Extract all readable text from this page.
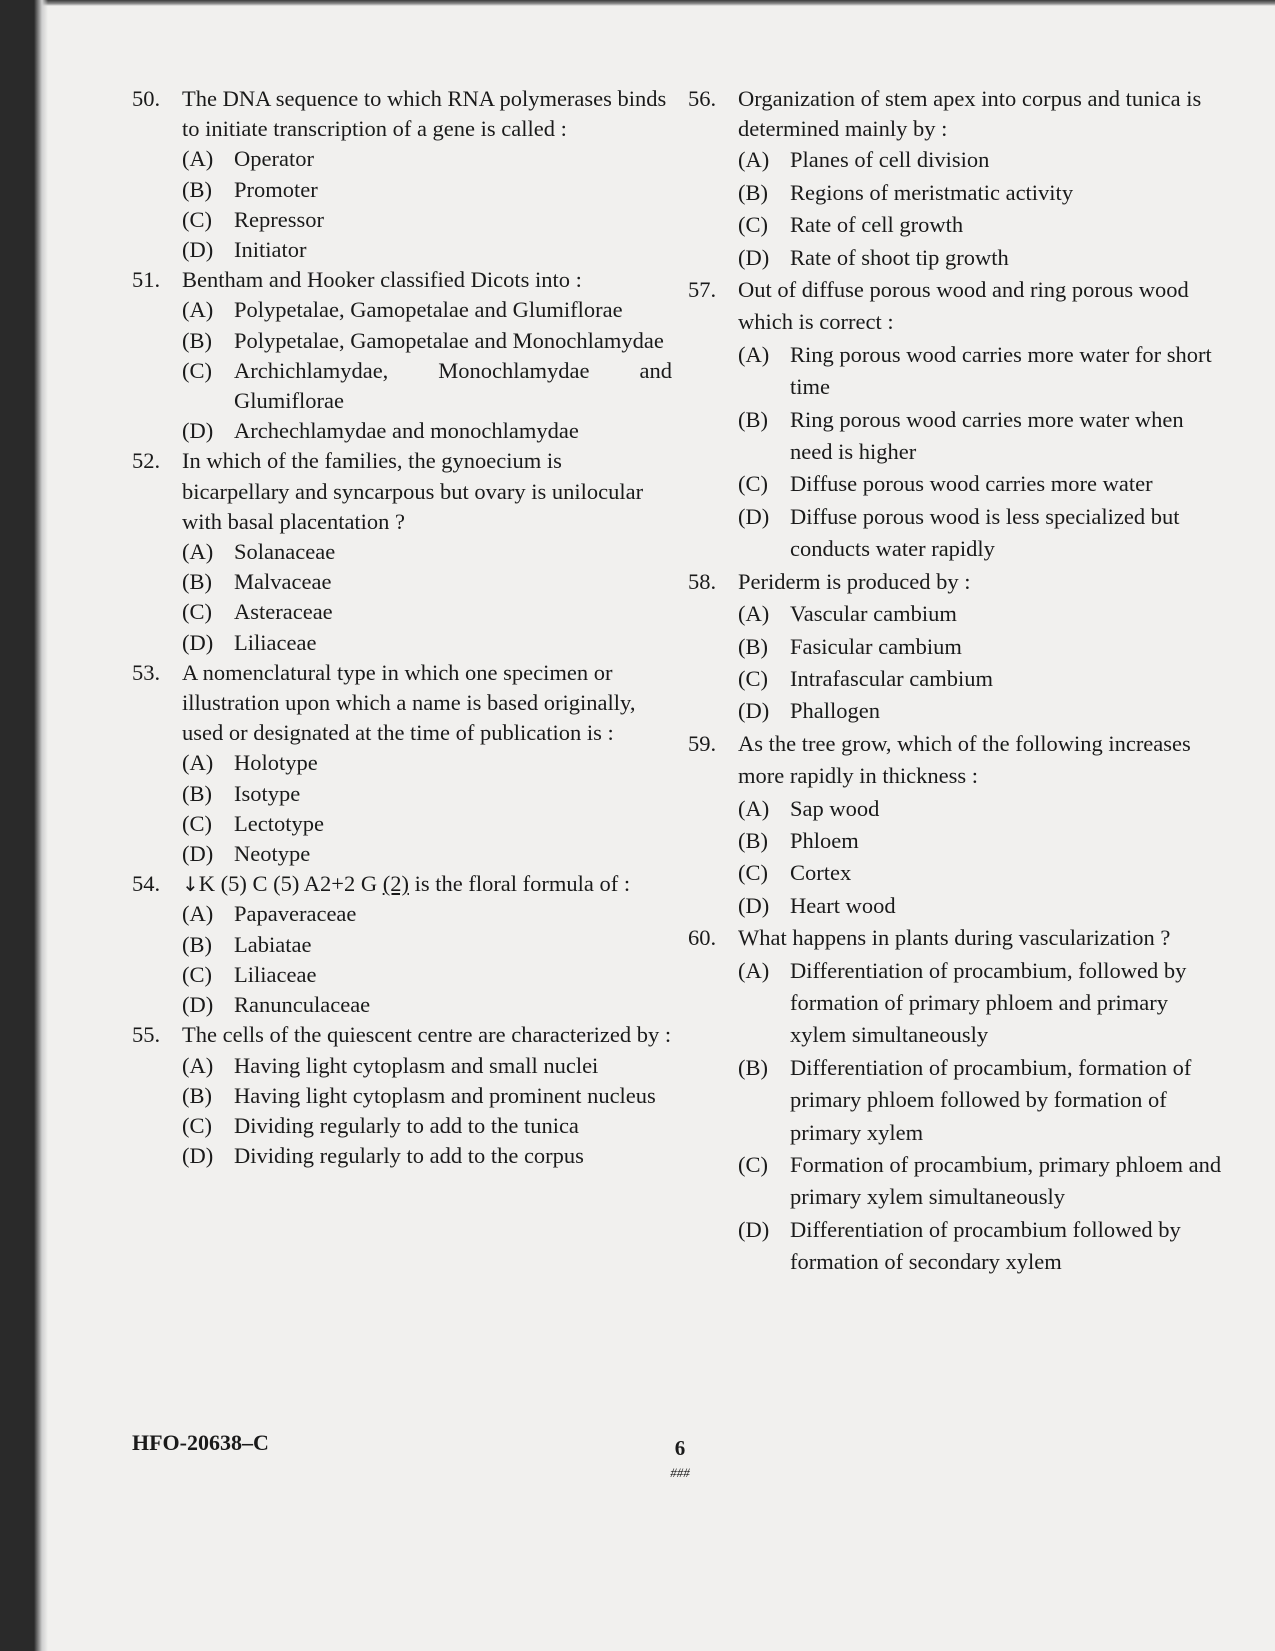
50. The DNA sequence to which RNA polymerases binds to initiate transcription of a gene is called :
(A) Operator
(B) Promoter
(C) Repressor
(D) Initiator
51. Bentham and Hooker classified Dicots into :
(A) Polypetalae, Gamopetalae and Glumiflorae
(B) Polypetalae, Gamopetalae and Monochlamydae
(C) Archichlamydae, Monochlamydae and Glumiflorae
(D) Archechlamydae and monochlamydae
52. In which of the families, the gynoecium is bicarpellary and syncarpous but ovary is unilocular with basal placentation ?
(A) Solanaceae
(B) Malvaceae
(C) Asteraceae
(D) Liliaceae
53. A nomenclatural type in which one specimen or illustration upon which a name is based originally, used or designated at the time of publication is :
(A) Holotype
(B) Isotype
(C) Lectotype
(D) Neotype
54.	↓K (5) C (5) A2+2 G (2) is the floral formula of :
(A) Papaveraceae
(B) Labiatae
(C) Liliaceae
(D) Ranunculaceae
55. The cells of the quiescent centre are characterized by :
(A) Having light cytoplasm and small nuclei
(B) Having light cytoplasm and prominent nucleus
(C) Dividing regularly to add to the tunica
(D) Dividing regularly to add to the corpus
56. Organization of stem apex into corpus and tunica is determined mainly by :
(A) Planes of cell division
(B) Regions of meristmatic activity
(C) Rate of cell growth
(D) Rate of shoot tip growth
57. Out of diffuse porous wood and ring porous wood which is correct :
(A) Ring porous wood carries more water for short time
(B) Ring porous wood carries more water when need is higher
(C) Diffuse porous wood carries more water
(D) Diffuse porous wood is less specialized but conducts water rapidly
58. Periderm is produced by :
(A) Vascular cambium
(B) Fasicular cambium
(C) Intrafascular cambium
(D) Phallogen
59. As the tree grow, which of the following increases more rapidly in thickness :
(A) Sap wood
(B) Phloem
(C) Cortex
(D) Heart wood
60. What happens in plants during vascularization ?
(A) Differentiation of procambium, followed by formation of primary phloem and primary xylem simultaneously
(B) Differentiation of procambium, formation of primary phloem followed by formation of primary xylem
(C) Formation of procambium, primary phloem and primary xylem simultaneously
(D) Differentiation of procambium followed by formation of secondary xylem
HFO-20638–C	6
###
